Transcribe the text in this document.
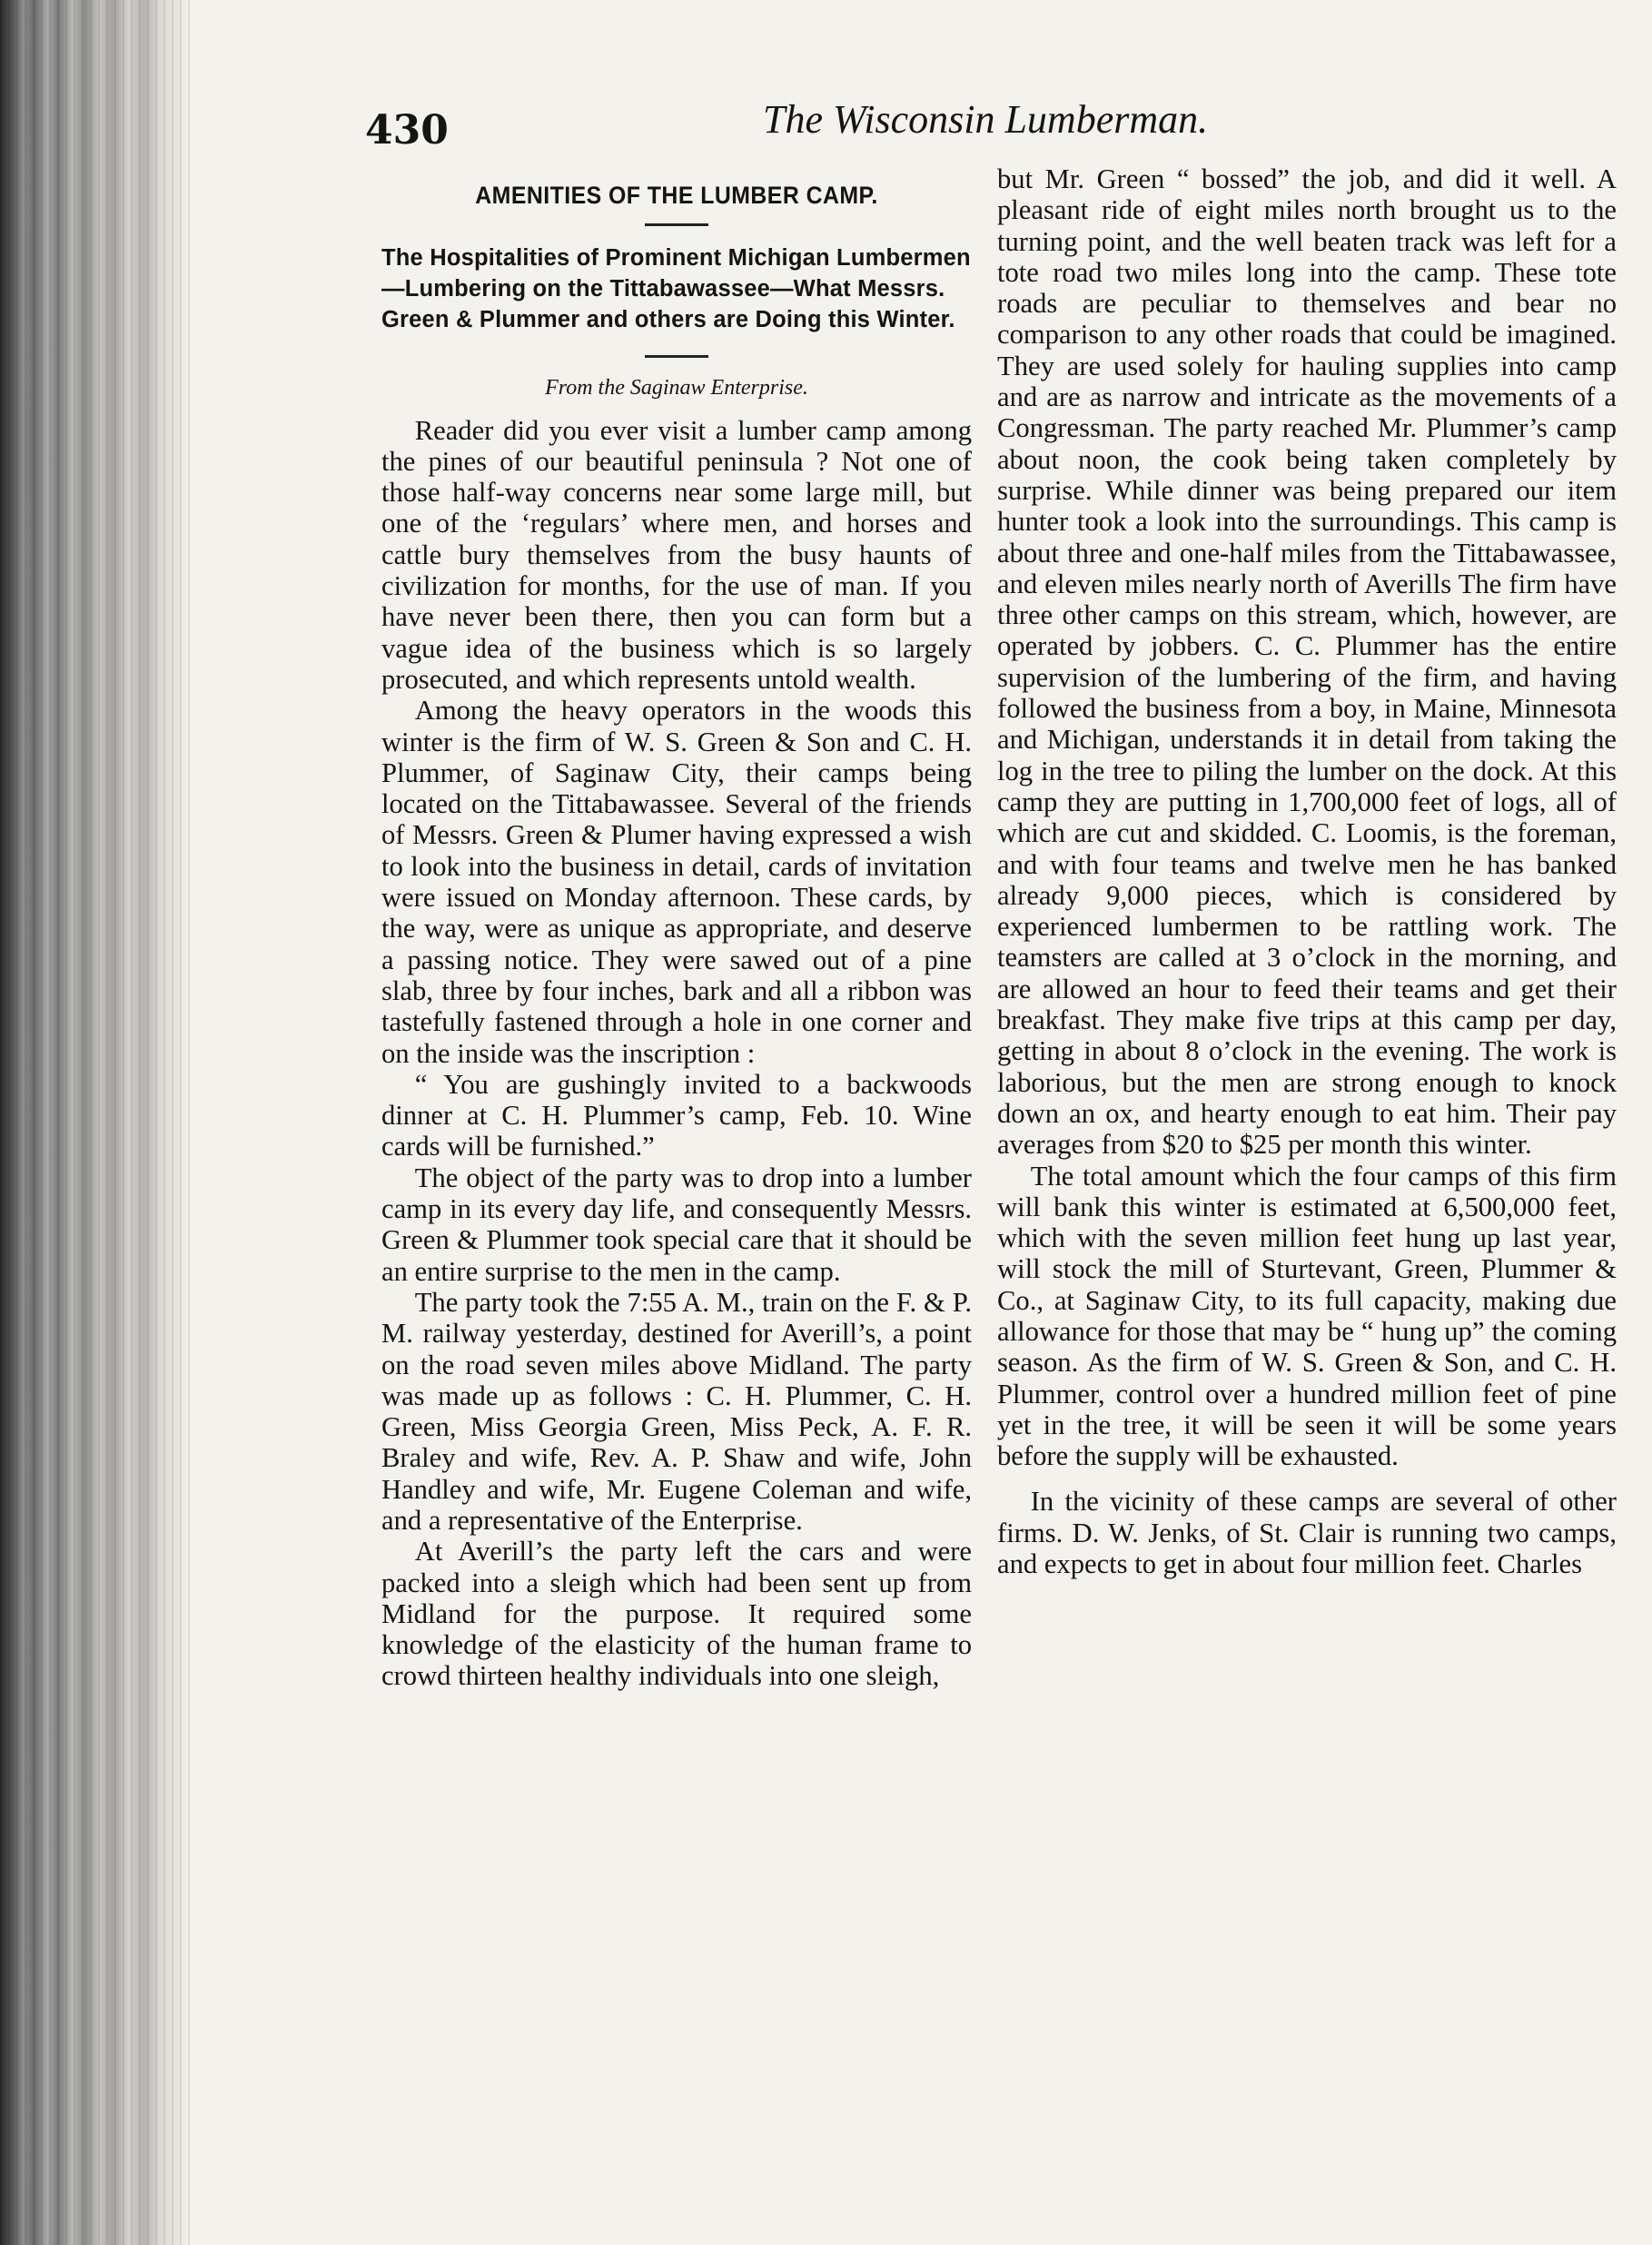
430	The Wisconsin Lumberman.

AMENITIES OF THE LUMBER CAMP.

The Hospitalities of Prominent Michigan Lumbermen—Lumbering on the Tittabawassee—What Messrs. Green & Plummer and others are Doing this Winter.

From the Saginaw Enterprise.

Reader did you ever visit a lumber camp among the pines of our beautiful peninsula ? Not one of those half-way concerns near some large mill, but one of the ‘regulars’ where men, and horses and cattle bury themselves from the busy haunts of civilization for months, for the use of man. If you have never been there, then you can form but a vague idea of the business which is so largely prosecuted, and which represents untold wealth.

Among the heavy operators in the woods this winter is the firm of W. S. Green & Son and C. H. Plummer, of Saginaw City, their camps being located on the Tittabawassee. Several of the friends of Messrs. Green & Plumer having expressed a wish to look into the business in detail, cards of invitation were issued on Monday afternoon. These cards, by the way, were as unique as appropriate, and deserve a passing notice. They were sawed out of a pine slab, three by four inches, bark and all a ribbon was tastefully fastened through a hole in one corner and on the inside was the inscription :

“ You are gushingly invited to a backwoods dinner at C. H. Plummer’s camp, Feb. 10. Wine cards will be furnished.”

The object of the party was to drop into a lumber camp in its every day life, and consequently Messrs. Green & Plummer took special care that it should be an entire surprise to the men in the camp.

The party took the 7:55 A. M., train on the F. & P. M. railway yesterday, destined for Averill’s, a point on the road seven miles above Midland. The party was made up as follows : C. H. Plummer, C. H. Green, Miss Georgia Green, Miss Peck, A. F. R. Braley and wife, Rev. A. P. Shaw and wife, John Handley and wife, Mr. Eugene Coleman and wife, and a representative of the Enterprise.

At Averill’s the party left the cars and were packed into a sleigh which had been sent up from Midland for the purpose. It required some knowledge of the elasticity of the human frame to crowd thirteen healthy individuals into one sleigh,

but Mr. Green “ bossed” the job, and did it well. A pleasant ride of eight miles north brought us to the turning point, and the well beaten track was left for a tote road two miles long into the camp. These tote roads are peculiar to themselves and bear no comparison to any other roads that could be imagined. They are used solely for hauling supplies into camp and are as narrow and intricate as the movements of a Congressman. The party reached Mr. Plummer’s camp about noon, the cook being taken completely by surprise. While dinner was being prepared our item hunter took a look into the surroundings. This camp is about three and one-half miles from the Tittabawassee, and eleven miles nearly north of Averills The firm have three other camps on this stream, which, however, are operated by jobbers. C. C. Plummer has the entire supervision of the lumbering of the firm, and having followed the business from a boy, in Maine, Minnesota and Michigan, understands it in detail from taking the log in the tree to piling the lumber on the dock. At this camp they are putting in 1,700,000 feet of logs, all of which are cut and skidded. C. Loomis, is the foreman, and with four teams and twelve men he has banked already 9,000 pieces, which is considered by experienced lumbermen to be rattling work. The teamsters are called at 3 o’clock in the morning, and are allowed an hour to feed their teams and get their breakfast. They make five trips at this camp per day, getting in about 8 o’clock in the evening. The work is laborious, but the men are strong enough to knock down an ox, and hearty enough to eat him. Their pay averages from $20 to $25 per month this winter.

The total amount which the four camps of this firm will bank this winter is estimated at 6,500,000 feet, which with the seven million feet hung up last year, will stock the mill of Sturtevant, Green, Plummer & Co., at Saginaw City, to its full capacity, making due allowance for those that may be “ hung up” the coming season. As the firm of W. S. Green & Son, and C. H. Plummer, control over a hundred million feet of pine yet in the tree, it will be seen it will be some years before the supply will be exhausted.

In the vicinity of these camps are several of other firms. D. W. Jenks, of St. Clair is running two camps, and expects to get in about four million feet. Charles
